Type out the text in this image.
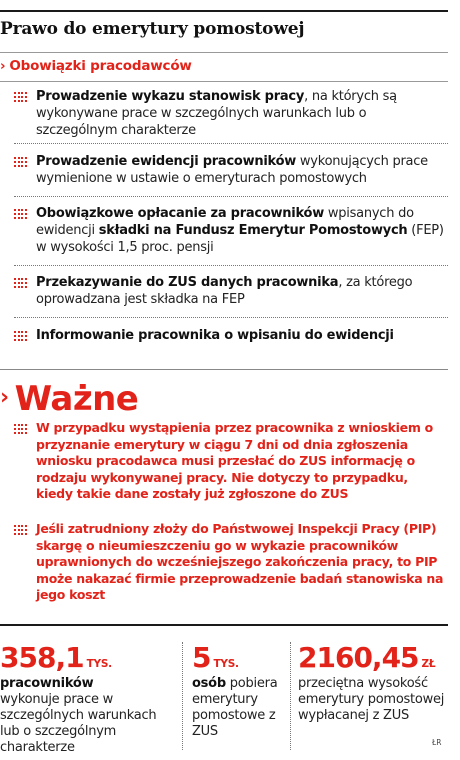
Prawo do emerytury pomostowej
› Obowiązki pracodawców
Prowadzenie wykazu stanowisk pracy, na których są wykonywane prace w szczególnych warunkach lub o szczególnym charakterze
Prowadzenie ewidencji pracowników wykonujących prace wymienione w ustawie o emeryturach pomostowych
Obowiązkowe opłacanie za pracowników wpisanych do ewidencji składki na Fundusz Emerytur Pomostowych (FEP) w wysokości 1,5 proc. pensji
Przekazywanie do ZUS danych pracownika, za którego oprowadzana jest składka na FEP
Informowanie pracownika o wpisaniu do ewidencji
› Ważne
W przypadku wystąpienia przez pracownika z wnioskiem o przyznanie emerytury w ciągu 7 dni od dnia zgłoszenia wniosku pracodawca musi przesłać do ZUS informację o rodzaju wykonywanej pracy. Nie dotyczy to przypadku, kiedy takie dane zostały już zgłoszone do ZUS
Jeśli zatrudniony złoży do Państwowej Inspekcji Pracy (PIP) skargę o nieumieszczeniu go w wykazie pracowników uprawnionych do wcześniejszego zakończenia pracy, to PIP może nakazać firmie przeprowadzenie badań stanowiska na jego koszt
358,1 TYS.
pracowników
wykonuje prace w szczególnych warunkach lub o szczególnym charakterze
5 TYS.
osób pobiera emerytury pomostowe z ZUS
2160,45 ZŁ
przeciętna wysokość emerytury pomostowej wypłacanej z ZUS
ŁR
